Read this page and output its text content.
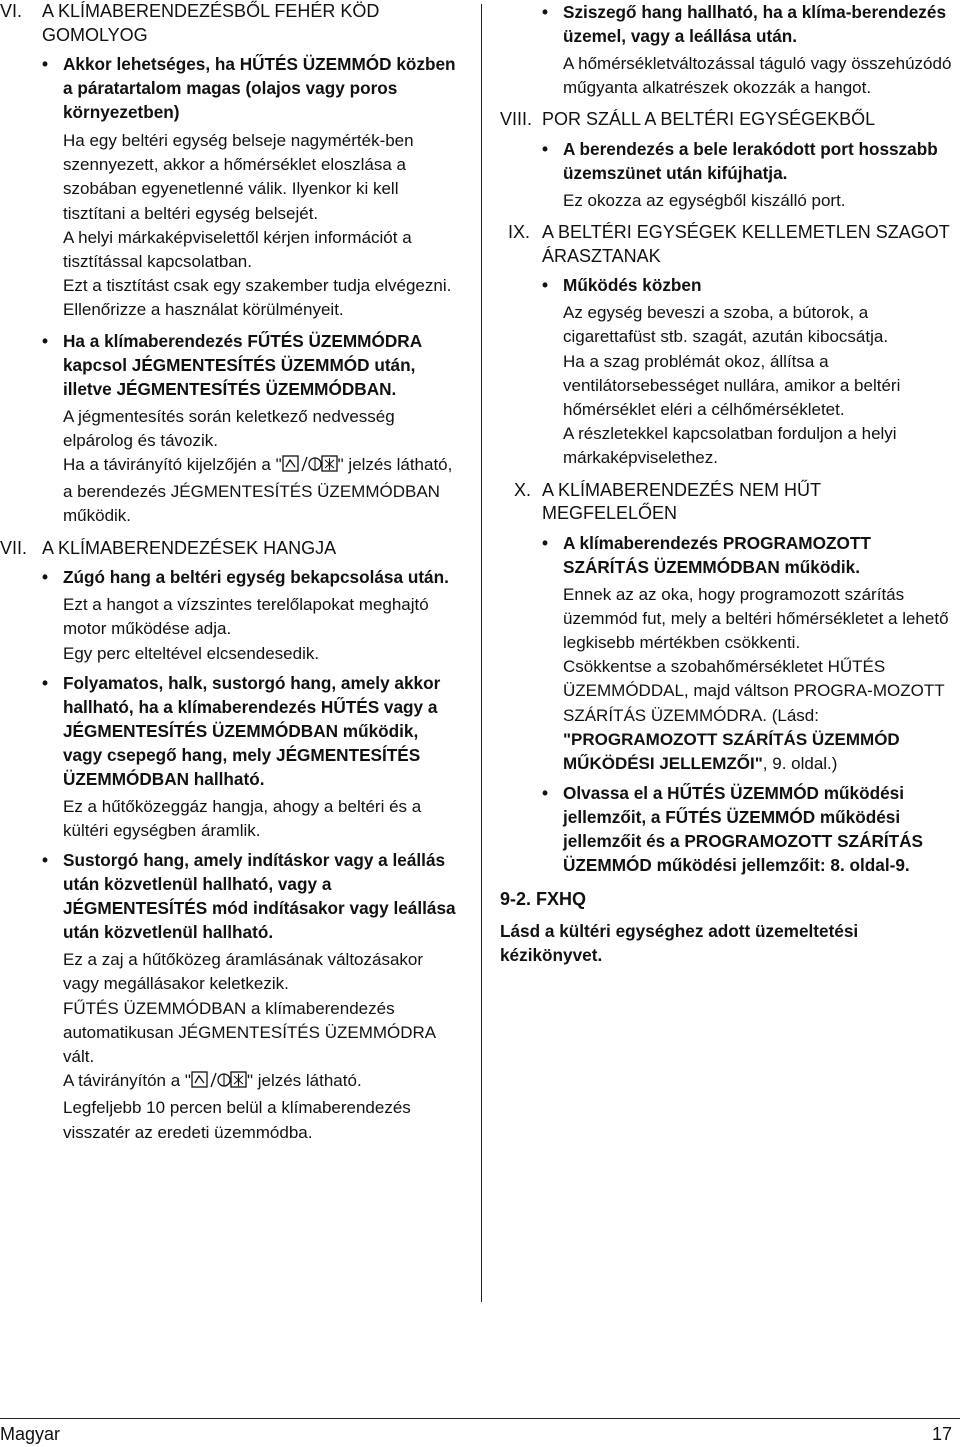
VI. A KLÍMABERENDEZÉSBŐL FEHÉR KÖD GOMOLYOG
• Akkor lehetséges, ha HŰTÉS ÜZEMMÓD közben a páratartalom magas (olajos vagy poros környezetben)
Ha egy beltéri egység belseje nagymérték-ben szennyezett, akkor a hőmérséklet eloszlása a szobában egyenetlenné válik. Ilyenkor ki kell tisztítani a beltéri egység belsejét.
A helyi márkaképviselettől kérjen információt a tisztítással kapcsolatban.
Ezt a tisztítást csak egy szakember tudja elvégezni.
Ellenőrizze a használat körülményeit.
• Ha a klímaberendezés FŰTÉS ÜZEMMÓDRA kapcsol JÉGMENTESÍTÉS ÜZEMMÓD után, illetve JÉGMENTESÍTÉS ÜZEMMÓDBAN.
A jégmentesítés során keletkező nedvesség elpárolog és távozik.
Ha a távirányító kijelzőjén a "	" jelzés látható, a berendezés JÉGMENTESÍTÉS ÜZEMMÓDBAN működik.
VII. A KLÍMABERENDEZÉSEK HANGJA
• Zúgó hang a beltéri egység bekapcsolása után.
Ezt a hangot a vízszintes terelőlapokat meghajtó motor működése adja.
Egy perc elteltével elcsendesedik.
• Folyamatos, halk, sustorgó hang, amely akkor hallható, ha a klímaberendezés HŰTÉS vagy a JÉGMENTESÍTÉS ÜZEMMÓDBAN működik, vagy csepegő hang, mely JÉGMENTESÍTÉS ÜZEMMÓDBAN hallható.
Ez a hűtőközeggáz hangja, ahogy a beltéri és a kültéri egységben áramlik.
• Sustorgó hang, amely indításkor vagy a leállás után közvetlenül hallható, vagy a JÉGMENTESÍTÉS mód indításakor vagy leállása után közvetlenül hallható.
Ez a zaj a hűtőközeg áramlásának változásakor vagy megállásakor keletkezik.
FŰTÉS ÜZEMMÓDBAN a klímaberendezés automatikusan JÉGMENTESÍTÉS ÜZEMMÓDRA vált.
A távirányítón a "	" jelzés látható.
Legfeljebb 10 percen belül a klímaberendezés visszatér az eredeti üzemmódba.
• Sziszegő hang hallható, ha a klíma-berendezés üzemel, vagy a leállása után.
A hőmérsékletváltozással táguló vagy összehúzódó műgyanta alkatrészek okozzák a hangot.
VIII. POR SZÁLL A BELTÉRI EGYSÉGEKBŐL
• A berendezés a bele lerakódott port hosszabb üzemszünet után kifújhatja.
Ez okozza az egységből kiszálló port.
IX. A BELTÉRI EGYSÉGEK KELLEMETLEN SZAGOT ÁRASZTANAK
• Működés közben
Az egység beveszi a szoba, a bútorok, a cigarettafüst stb. szagát, azután kibocsátja.
Ha a szag problémát okoz, állítsa a ventilátorsebességet nullára, amikor a beltéri hőmérséklet eléri a célhőmérsékletet.
A részletekkel kapcsolatban forduljon a helyi márkaképviselethez.
X. A KLÍMABERENDEZÉS NEM HŰT MEGFELELŐEN
• A klímaberendezés PROGRAMOZOTT SZÁRÍTÁS ÜZEMMÓDBAN működik.
Ennek az az oka, hogy programozott szárítás üzemmód fut, mely a beltéri hőmérsékletet a lehető legkisebb mértékben csökkenti.
Csökkentse a szobahőmérsékletet HŰTÉS ÜZEMMÓDDAL, majd váltson PROGRA-MOZOTT SZÁRÍTÁS ÜZEMMÓDRA. (Lásd: "PROGRAMOZOTT SZÁRÍTÁS ÜZEMMÓD MŰKÖDÉSI JELLEMZŐI", 9. oldal.)
• Olvassa el a HŰTÉS ÜZEMMÓD működési jellemzőit, a FŰTÉS ÜZEMMÓD működési jellemzőit és a PROGRAMOZOTT SZÁRÍTÁS ÜZEMMÓD működési jellemzőit: 8. oldal-9.
9-2. FXHQ
Lásd a kültéri egységhez adott üzemeltetési kézikönyvet.
Magyar	17
